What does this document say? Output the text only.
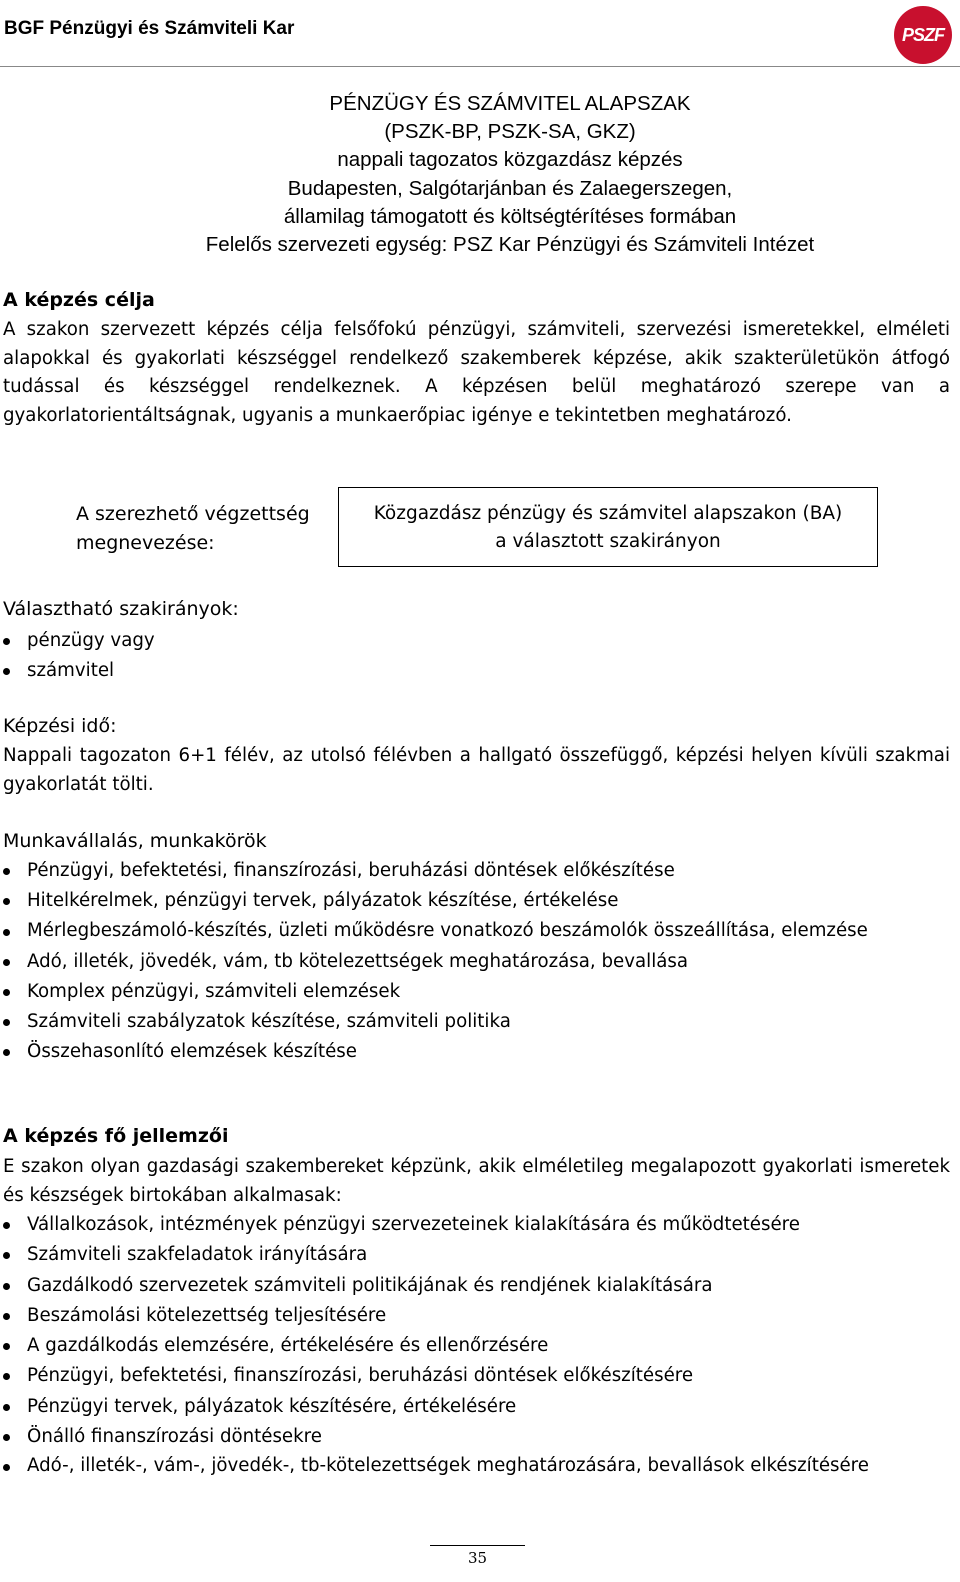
BGF Pénzügyi és Számviteli Kar	PSZF
PÉNZÜGY ÉS SZÁMVITEL ALAPSZAK
(PSZK-BP, PSZK-SA, GKZ)
nappali tagozatos közgazdász képzés
Budapesten, Salgótarjánban és Zalaegerszegen,
államilag támogatott és költségtérítéses formában
Felelős szervezeti egység: PSZ Kar Pénzügyi és Számviteli Intézet
A képzés célja
A szakon szervezett képzés célja felsőfokú pénzügyi, számviteli, szervezési ismeretekkel, elméleti alapokkal és gyakorlati készséggel rendelkező szakemberek képzése, akik szakterületükön átfogó tudással és készséggel rendelkeznek. A képzésen belül meghatározó szerepe van a gyakorlatorientáltságnak, ugyanis a munkaerőpiac igénye e tekintetben meghatározó.
A szerezhető végzettség
megnevezése:
Közgazdász pénzügy és számvitel alapszakon (BA)
a választott szakirányon
Választható szakirányok:
pénzügy vagy
számvitel
Képzési idő:
Nappali tagozaton 6+1 félév, az utolsó félévben a hallgató összefüggő, képzési helyen kívüli szakmai gyakorlatát tölti.
Munkavállalás, munkakörök
Pénzügyi, befektetési, finanszírozási, beruházási döntések előkészítése
Hitelkérelmek, pénzügyi tervek, pályázatok készítése, értékelése
Mérlegbeszámoló-készítés, üzleti működésre vonatkozó beszámolók összeállítása, elemzése
Adó, illeték, jövedék, vám, tb kötelezettségek meghatározása, bevallása
Komplex pénzügyi, számviteli elemzések
Számviteli szabályzatok készítése, számviteli politika
Összehasonlító elemzések készítése
A képzés fő jellemzői
E szakon olyan gazdasági szakembereket képzünk, akik elméletileg megalapozott gyakorlati ismeretek és készségek birtokában alkalmasak:
Vállalkozások, intézmények pénzügyi szervezeteinek kialakítására és működtetésére
Számviteli szakfeladatok irányítására
Gazdálkodó szervezetek számviteli politikájának és rendjének kialakítására
Beszámolási kötelezettség teljesítésére
A gazdálkodás elemzésére, értékelésére és ellenőrzésére
Pénzügyi, befektetési, finanszírozási, beruházási döntések előkészítésére
Pénzügyi tervek, pályázatok készítésére, értékelésére
Önálló finanszírozási döntésekre
Adó-, illeték-, vám-, jövedék-, tb-kötelezettségek meghatározására, bevallások elkészítésére
35
